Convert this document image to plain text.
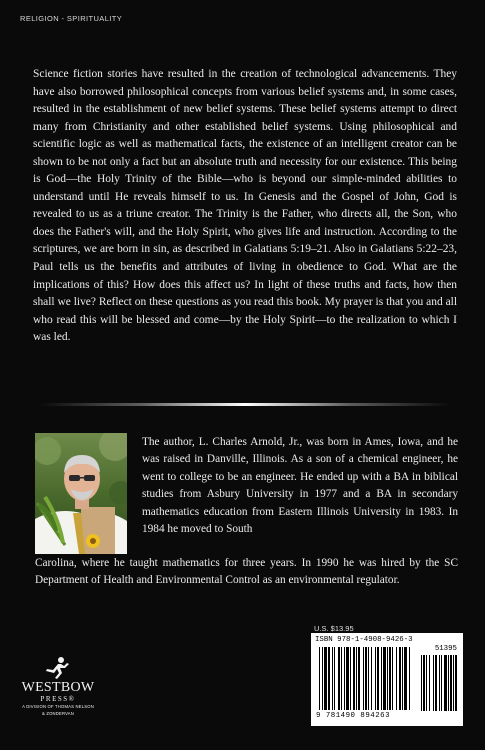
RELIGION - SPIRITUALITY

Science fiction stories have resulted in the creation of technological advancements. They have also borrowed philosophical concepts from various belief systems and, in some cases, resulted in the establishment of new belief systems. These belief systems attempt to direct many from Christianity and other established belief systems. Using philosophical and scientific logic as well as mathematical facts, the existence of an intelligent creator can be shown to be not only a fact but an absolute truth and necessity for our existence. This being is God—the Holy Trinity of the Bible—who is beyond our simple-minded abilities to understand until He reveals himself to us. In Genesis and the Gospel of John, God is revealed to us as a triune creator. The Trinity is the Father, who directs all, the Son, who does the Father's will, and the Holy Spirit, who gives life and instruction. According to the scriptures, we are born in sin, as described in Galatians 5:19–21. Also in Galatians 5:22–23, Paul tells us the benefits and attributes of living in obedience to God. What are the implications of this? How does this affect us? In light of these truths and facts, how then shall we live? Reflect on these questions as you read this book. My prayer is that you and all who read this will be blessed and come—by the Holy Spirit—to the realization to which I was led.

The author, L. Charles Arnold, Jr., was born in Ames, Iowa, and he was raised in Danville, Illinois. As a son of a chemical engineer, he went to college to be an engineer. He ended up with a BA in biblical studies from Asbury University in 1977 and a BA in secondary mathematics education from Eastern Illinois University in 1983. In 1984 he moved to South

Carolina, where he taught mathematics for three years. In 1990 he was hired by the SC Department of Health and Environmental Control as an environmental regulator.

U.S. $13.95
ISBN 978-1-4908-9426-3
51395
9 781490 894263
WESTBOW
PRESS®
A DIVISION OF THOMAS NELSON
& ZONDERVAN
